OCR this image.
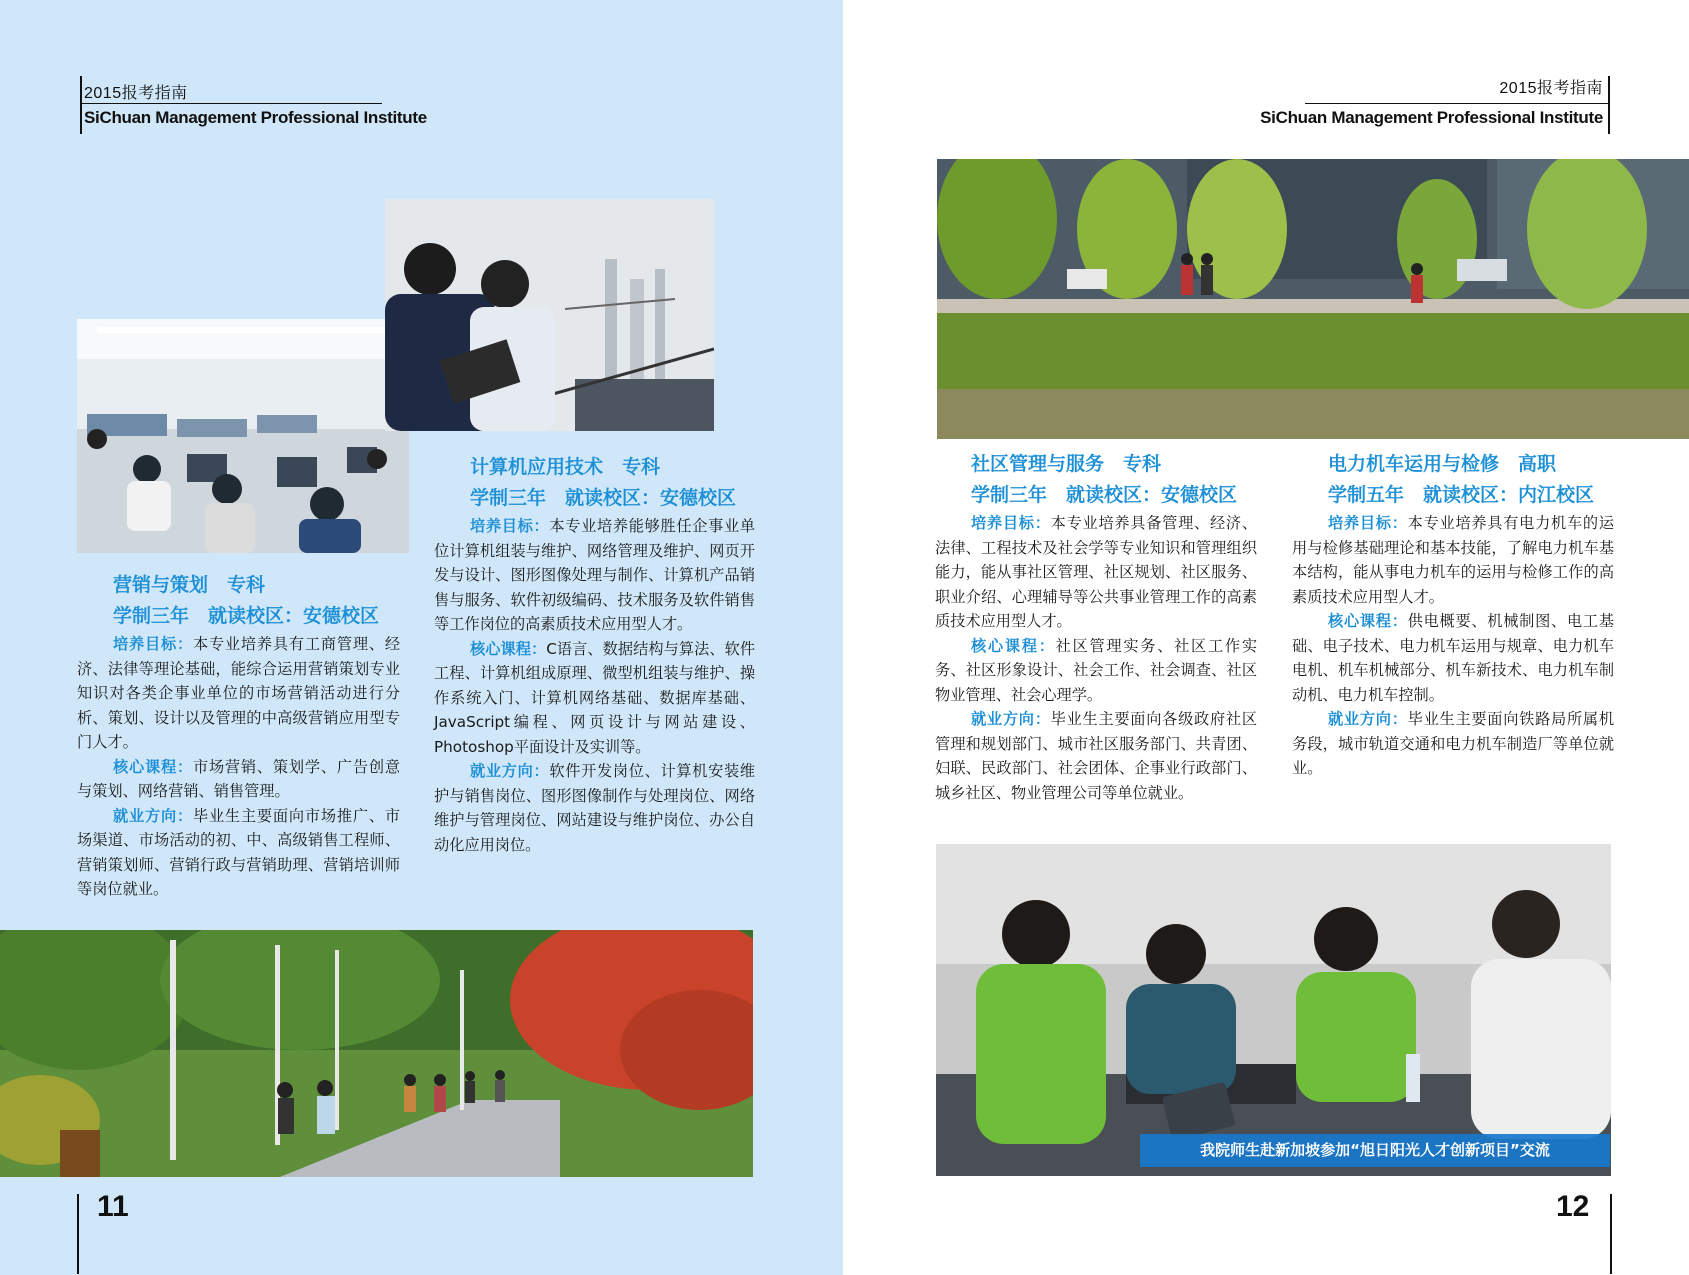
2015报考指南
SiChuan Management Professional Institute
2015报考指南
SiChuan Management Professional Institute
营销与策划　专科
学制三年　就读校区：安德校区

培养目标：本专业培养具有工商管理、经济、法律等理论基础，能综合运用营销策划专业知识对各类企事业单位的市场营销活动进行分析、策划、设计以及管理的中高级营销应用型专门人才。

核心课程：市场营销、策划学、广告创意与策划、网络营销、销售管理。

就业方向：毕业生主要面向市场推广、市场渠道、市场活动的初、中、高级销售工程师、营销策划师、营销行政与营销助理、营销培训师等岗位就业。

计算机应用技术　专科
学制三年　就读校区：安德校区

培养目标：本专业培养能够胜任企事业单位计算机组装与维护、网络管理及维护、网页开发与设计、图形图像处理与制作、计算机产品销售与服务、软件初级编码、技术服务及软件销售等工作岗位的高素质技术应用型人才。

核心课程：C语言、数据结构与算法、软件工程、计算机组成原理、微型机组装与维护、操作系统入门、计算机网络基础、数据库基础、JavaScript编程、网页设计与网站建设、Photoshop平面设计及实训等。

就业方向：软件开发岗位、计算机安装维护与销售岗位、图形图像制作与处理岗位、网络维护与管理岗位、网站建设与维护岗位、办公自动化应用岗位。

社区管理与服务　专科
学制三年　就读校区：安德校区

培养目标：本专业培养具备管理、经济、法律、工程技术及社会学等专业知识和管理组织能力，能从事社区管理、社区规划、社区服务、职业介绍、心理辅导等公共事业管理工作的高素质技术应用型人才。

核心课程：社区管理实务、社区工作实务、社区形象设计、社会工作、社会调查、社区物业管理、社会心理学。

就业方向：毕业生主要面向各级政府社区管理和规划部门、城市社区服务部门、共青团、妇联、民政部门、社会团体、企事业行政部门、城乡社区、物业管理公司等单位就业。

电力机车运用与检修　高职
学制五年　就读校区：内江校区

培养目标：本专业培养具有电力机车的运用与检修基础理论和基本技能，了解电力机车基本结构，能从事电力机车的运用与检修工作的高素质技术应用型人才。

核心课程：供电概要、机械制图、电工基础、电子技术、电力机车运用与规章、电力机车电机、机车机械部分、机车新技术、电力机车制动机、电力机车控制。

就业方向：毕业生主要面向铁路局所属机务段，城市轨道交通和电力机车制造厂等单位就业。

我院师生赴新加坡参加“旭日阳光人才创新项目”交流
11	12
